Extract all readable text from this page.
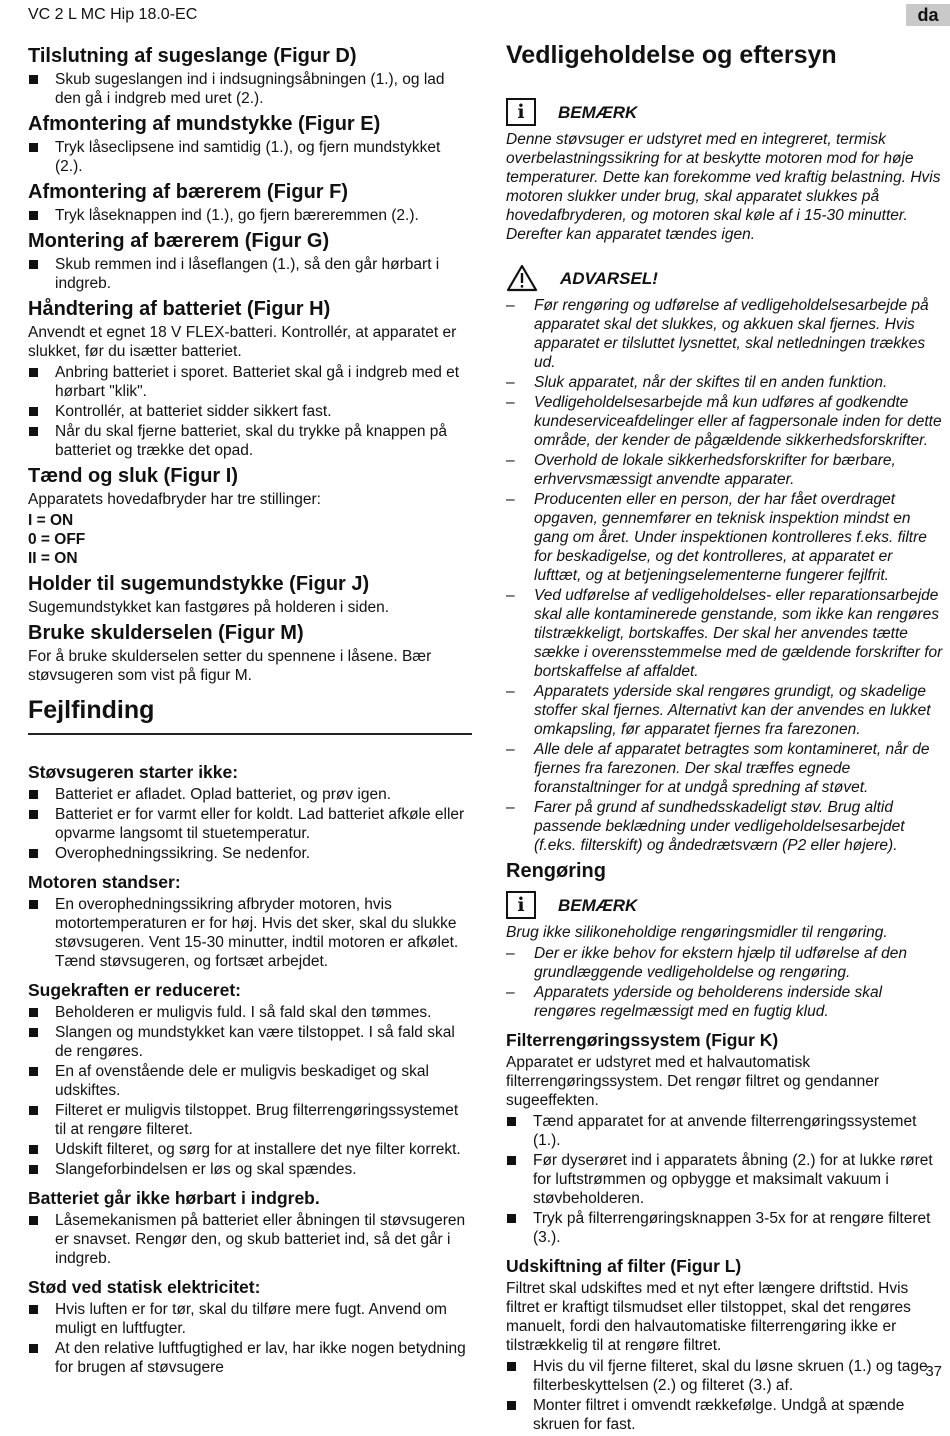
VC 2 L MC Hip 18.0-EC	da
Tilslutning af sugeslange (Figur D)
Skub sugeslangen ind i indsugningsåbningen (1.), og lad den gå i indgreb med uret (2.).
Afmontering af mundstykke (Figur E)
Tryk låseclipsene ind samtidig (1.), og fjern mundstykket (2.).
Afmontering af bærerem (Figur F)
Tryk låseknappen ind (1.), go fjern bæreremmen (2.).
Montering af bærerem (Figur G)
Skub remmen ind i låseflangen (1.), så den går hørbart i indgreb.
Håndtering af batteriet (Figur H)

Anvendt et egnet 18 V FLEX-batteri. Kontrollér, at apparatet er slukket, før du isætter batteriet.

Anbring batteriet i sporet. Batteriet skal gå i indgreb med et hørbart "klik".
Kontrollér, at batteriet sidder sikkert fast.
Når du skal fjerne batteriet, skal du trykke på knappen på batteriet og trække det opad.
Tænd og sluk (Figur I)

Apparatets hovedafbryder har tre stillinger:

I = ON

0 = OFF

II = ON

Holder til sugemundstykke (Figur J)

Sugemundstykket kan fastgøres på holderen i siden.

Bruke skulderselen (Figur M)

For å bruke skulderselen setter du spennene i låsene. Bær støvsugeren som vist på figur M.

Fejlfinding
Støvsugeren starter ikke:
Batteriet er afladet. Oplad batteriet, og prøv igen.
Batteriet er for varmt eller for koldt. Lad batteriet afkøle eller opvarme langsomt til stuetemperatur.
Overophedningssikring. Se nedenfor.
Motoren standser:
En overophedningssikring afbryder motoren, hvis motortemperaturen er for høj. Hvis det sker, skal du slukke støvsugeren. Vent 15-30 minutter, indtil motoren er afkølet. Tænd støvsugeren, og fortsæt arbejdet.
Sugekraften er reduceret:
Beholderen er muligvis fuld. I så fald skal den tømmes.
Slangen og mundstykket kan være tilstoppet. I så fald skal de rengøres.
En af ovenstående dele er muligvis beskadiget og skal udskiftes.
Filteret er muligvis tilstoppet. Brug filterrengøringssystemet til at rengøre filteret.
Udskift filteret, og sørg for at installere det nye filter korrekt.
Slangeforbindelsen er løs og skal spændes.
Batteriet går ikke hørbart i indgreb.
Låsemekanismen på batteriet eller åbningen til støvsugeren er snavset. Rengør den, og skub batteriet ind, så det går i indgreb.
Stød ved statisk elektricitet:
Hvis luften er for tør, skal du tilføre mere fugt. Anvend om muligt en luftfugter.
At den relative luftfugtighed er lav, har ikke nogen betydning for brugen af støvsugere
Vedligeholdelse og eftersyn
i	BEMÆRK

Denne støvsuger er udstyret med en integreret, termisk overbelastningssikring for at beskytte motoren mod for høje temperaturer. Dette kan forekomme ved kraftig belastning. Hvis motoren slukker under brug, skal apparatet slukkes på hovedafbryderen, og motoren skal køle af i 15-30 minutter. Derefter kan apparatet tændes igen.

ADVARSEL!
– Før rengøring og udførelse af vedligeholdelsesarbejde på apparatet skal det slukkes, og akkuen skal fjernes. Hvis apparatet er tilsluttet lysnettet, skal netledningen trækkes ud.
– Sluk apparatet, når der skiftes til en anden funktion.
– Vedligeholdelsesarbejde må kun udføres af godkendte kundeserviceafdelinger eller af fagpersonale inden for dette område, der kender de pågældende sikkerhedsforskrifter.
– Overhold de lokale sikkerhedsforskrifter for bærbare, erhvervsmæssigt anvendte apparater.
– Producenten eller en person, der har fået overdraget opgaven, gennemfører en teknisk inspektion mindst en gang om året. Under inspektionen kontrolleres f.eks. filtre for beskadigelse, og det kontrolleres, at apparatet er lufttæt, og at betjeningselementerne fungerer fejlfrit.
– Ved udførelse af vedligeholdelses- eller reparationsarbejde skal alle kontaminerede genstande, som ikke kan rengøres tilstrækkeligt, bortskaffes. Der skal her anvendes tætte sække i overensstemmelse med de gældende forskrifter for bortskaffelse af affaldet.
– Apparatets yderside skal rengøres grundigt, og skadelige stoffer skal fjernes. Alternativt kan der anvendes en lukket omkapsling, før apparatet fjernes fra farezonen.
– Alle dele af apparatet betragtes som kontamineret, når de fjernes fra farezonen. Der skal træffes egnede foranstaltninger for at undgå spredning af støvet.
– Farer på grund af sundhedsskadeligt støv. Brug altid passende beklædning under vedligeholdelsesarbejdet (f.eks. filterskift) og åndedrætsværn (P2 eller højere).
Rengøring
i	BEMÆRK

Brug ikke silikoneholdige rengøringsmidler til rengøring.

– Der er ikke behov for ekstern hjælp til udførelse af den grundlæggende vedligeholdelse og rengøring.
– Apparatets yderside og beholderens inderside skal rengøres regelmæssigt med en fugtig klud.
Filterrengøringssystem (Figur K)

Apparatet er udstyret med et halvautomatisk filterrengøringssystem. Det rengør filtret og gendanner sugeeffekten.

Tænd apparatet for at anvende filterrengøringssystemet (1.).
Før dyserøret ind i apparatets åbning (2.) for at lukke røret for luftstrømmen og opbygge et maksimalt vakuum i støvbeholderen.
Tryk på filterrengøringsknappen 3-5x for at rengøre filteret (3.).
Udskiftning af filter (Figur L)

Filtret skal udskiftes med et nyt efter længere driftstid. Hvis filtret er kraftigt tilsmudset eller tilstoppet, skal det rengøres manuelt, fordi den halvautomatiske filterrengøring ikke er tilstrækkelig til at rengøre filtret.

Hvis du vil fjerne filteret, skal du løsne skruen (1.) og tage filterbeskyttelsen (2.) og filteret (3.) af.
Monter filtret i omvendt rækkefølge. Undgå at spænde skruen for fast.
37
